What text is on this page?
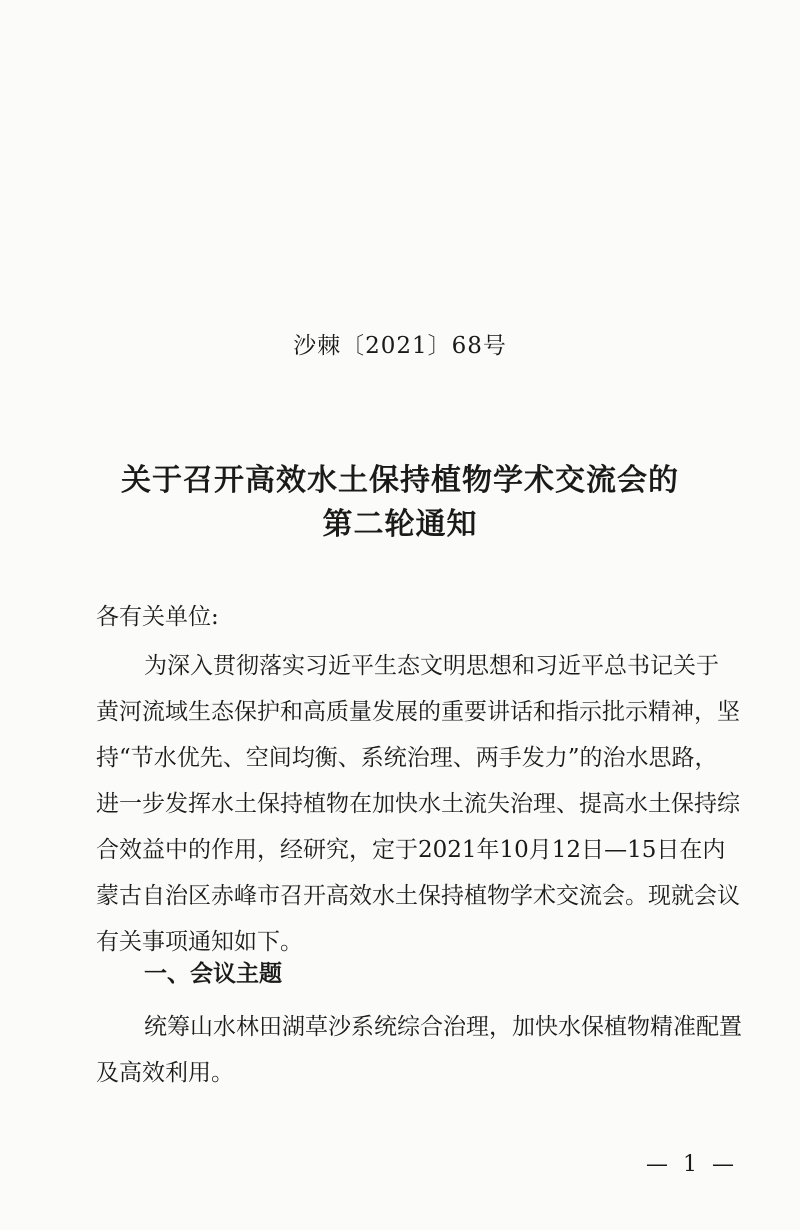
沙棘〔2021〕68号
关于召开高效水土保持植物学术交流会的
第二轮通知
各有关单位:
为深入贯彻落实习近平生态文明思想和习近平总书记关于
黄河流域生态保护和高质量发展的重要讲话和指示批示精神，坚
持“节水优先、空间均衡、系统治理、两手发力”的治水思路，
进一步发挥水土保持植物在加快水土流失治理、提高水土保持综
合效益中的作用，经研究，定于2021年10月12日—15日在内
蒙古自治区赤峰市召开高效水土保持植物学术交流会。现就会议
有关事项通知如下。
一、会议主题
统筹山水林田湖草沙系统综合治理，加快水保植物精准配置
及高效利用。
— 1 —
